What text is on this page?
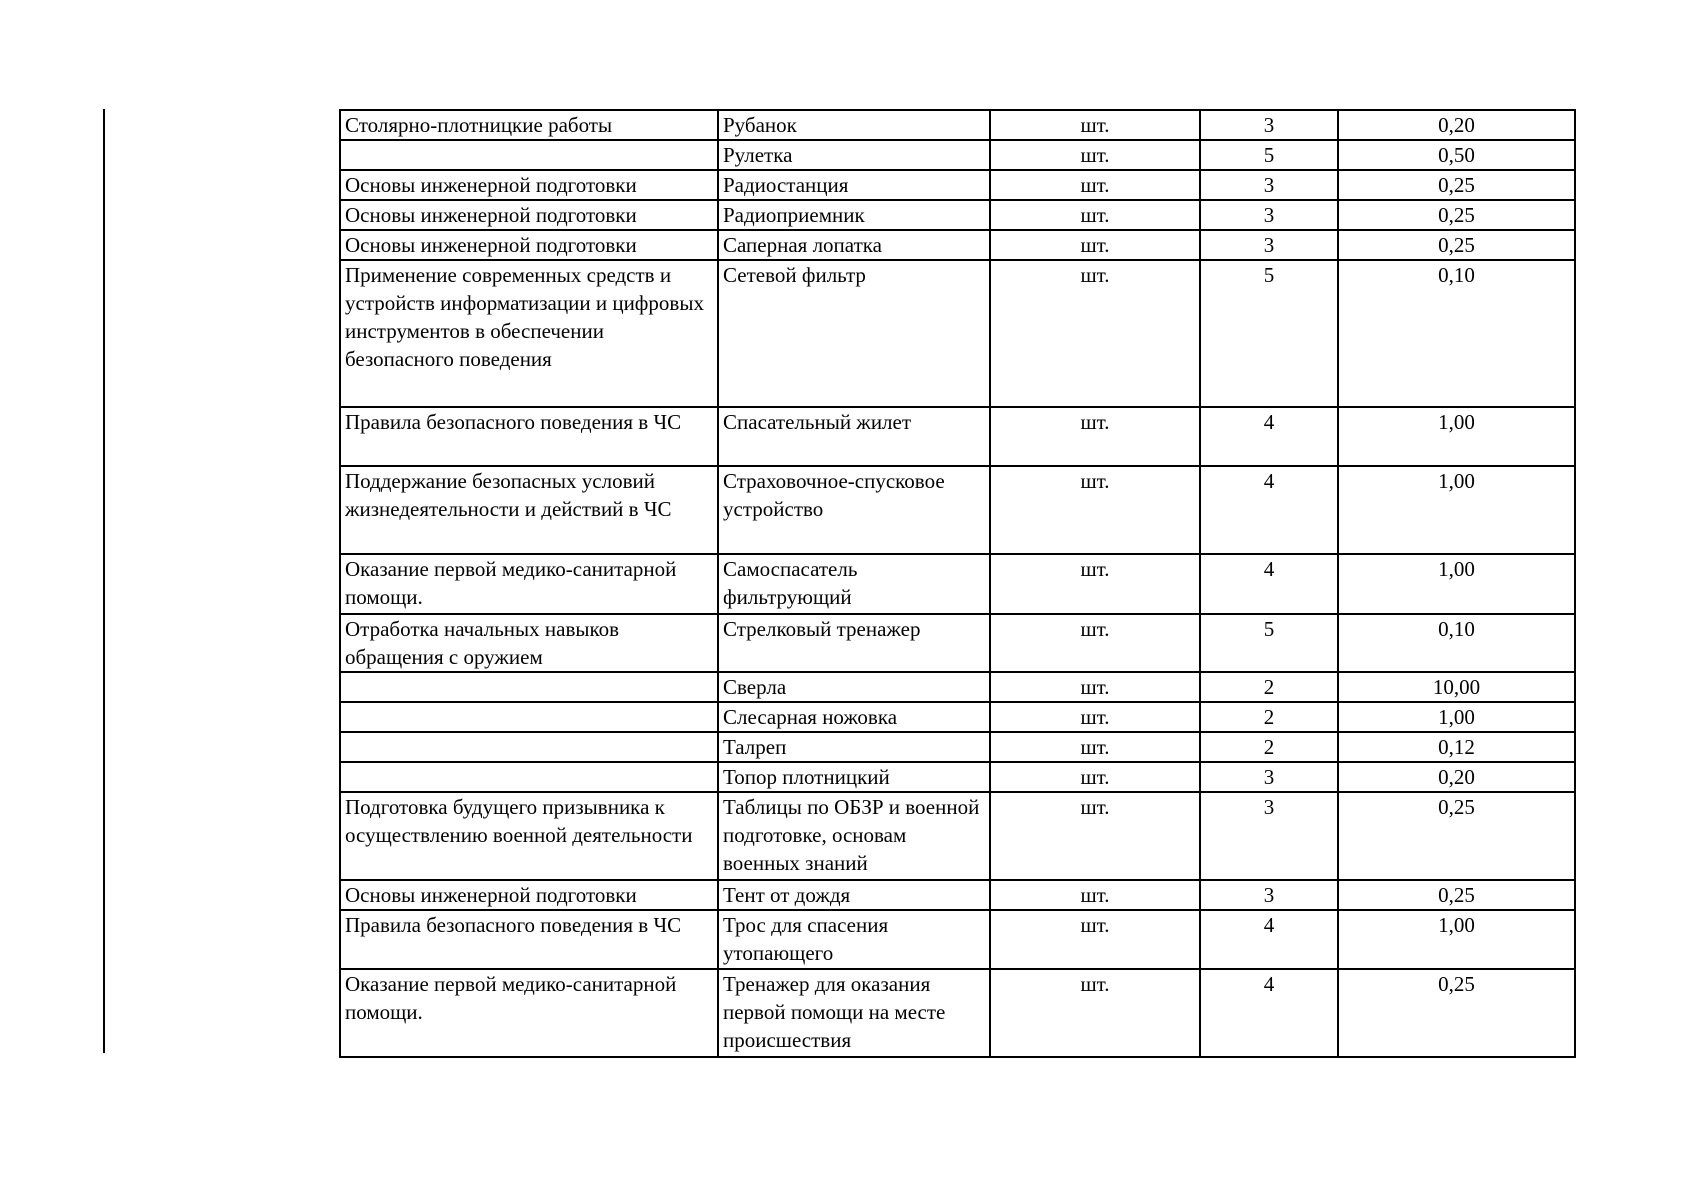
Столярно-плотницкие работы	Рубанок	шт.	3	0,20
	Рулетка	шт.	5	0,50
Основы инженерной подготовки	Радиостанция	шт.	3	0,25
Основы инженерной подготовки	Радиоприемник	шт.	3	0,25
Основы инженерной подготовки	Саперная лопатка	шт.	3	0,25
Применение современных средств и устройств информатизации и цифровых инструментов в обеспечении безопасного поведения	Сетевой фильтр	шт.	5	0,10
Правила безопасного поведения в ЧС	Спасательный жилет	шт.	4	1,00
Поддержание безопасных условий жизнедеятельности и действий в ЧС	Страховочное-спусковое устройство	шт.	4	1,00
Оказание первой медико-санитарной помощи.	Самоспасатель фильтрующий	шт.	4	1,00
Отработка начальных навыков обращения с оружием	Стрелковый тренажер	шт.	5	0,10
	Сверла	шт.	2	10,00
	Слесарная ножовка	шт.	2	1,00
	Талреп	шт.	2	0,12
	Топор плотницкий	шт.	3	0,20
Подготовка будущего призывника к осуществлению военной деятельности	Таблицы по ОБЗР и военной подготовке, основам военных знаний	шт.	3	0,25
Основы инженерной подготовки	Тент от дождя	шт.	3	0,25
Правила безопасного поведения в ЧС	Трос для спасения утопающего	шт.	4	1,00
Оказание первой медико-санитарной помощи.	Тренажер для оказания первой помощи на месте происшествия	шт.	4	0,25
